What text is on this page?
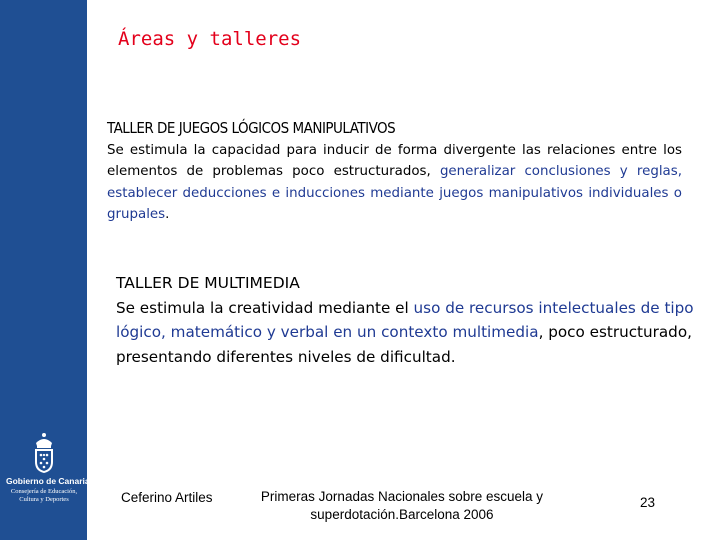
Gobierno de Canarias
Consejería de Educación, Cultura y Deportes
Áreas y talleres
TALLER DE JUEGOS LÓGICOS MANIPULATIVOS
Se estimula la capacidad para inducir de forma divergente las relaciones entre los elementos de problemas poco estructurados, generalizar conclusiones y reglas, establecer deducciones e inducciones mediante juegos manipulativos individuales o grupales.
TALLER DE MULTIMEDIA
Se estimula la creatividad mediante el uso de recursos intelectuales de tipo lógico, matemático y verbal en un contexto multimedia, poco estructurado, presentando diferentes niveles de dificultad.
Ceferino Artiles	Primeras Jornadas Nacionales sobre escuela y superdotación.Barcelona 2006
23
